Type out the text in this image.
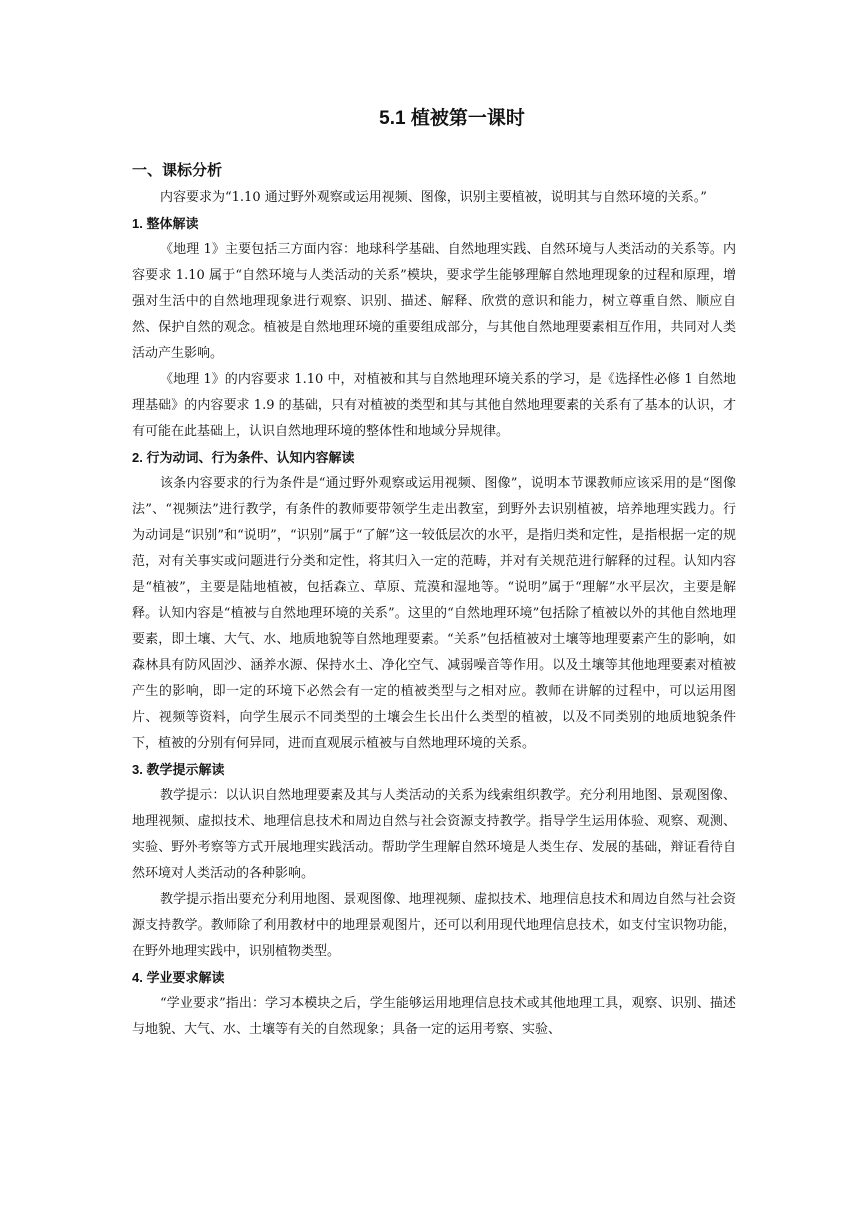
5.1 植被第一课时
一、课标分析

内容要求为“1.10 通过野外观察或运用视频、图像，识别主要植被，说明其与自然环境的关系。”

1. 整体解读

《地理 1》主要包括三方面内容：地球科学基础、自然地理实践、自然环境与人类活动的关系等。内容要求 1.10 属于“自然环境与人类活动的关系”模块，要求学生能够理解自然地理现象的过程和原理，增强对生活中的自然地理现象进行观察、识别、描述、解释、欣赏的意识和能力，树立尊重自然、顺应自然、保护自然的观念。植被是自然地理环境的重要组成部分，与其他自然地理要素相互作用，共同对人类活动产生影响。

《地理 1》的内容要求 1.10 中，对植被和其与自然地理环境关系的学习，是《选择性必修 1 自然地理基础》的内容要求 1.9 的基础，只有对植被的类型和其与其他自然地理要素的关系有了基本的认识，才有可能在此基础上，认识自然地理环境的整体性和地域分异规律。

2. 行为动词、行为条件、认知内容解读

该条内容要求的行为条件是“通过野外观察或运用视频、图像”，说明本节课教师应该采用的是“图像法”、“视频法”进行教学，有条件的教师要带领学生走出教室，到野外去识别植被，培养地理实践力。行为动词是“识别”和“说明”，“识别”属于“了解”这一较低层次的水平，是指归类和定性，是指根据一定的规范，对有关事实或问题进行分类和定性，将其归入一定的范畴，并对有关规范进行解释的过程。认知内容是“植被”，主要是陆地植被，包括森立、草原、荒漠和湿地等。“说明”属于“理解”水平层次，主要是解释。认知内容是“植被与自然地理环境的关系”。这里的“自然地理环境”包括除了植被以外的其他自然地理要素，即土壤、大气、水、地质地貌等自然地理要素。“关系”包括植被对土壤等地理要素产生的影响，如森林具有防风固沙、涵养水源、保持水土、净化空气、减弱噪音等作用。以及土壤等其他地理要素对植被产生的影响，即一定的环境下必然会有一定的植被类型与之相对应。教师在讲解的过程中，可以运用图片、视频等资料，向学生展示不同类型的土壤会生长出什么类型的植被，以及不同类别的地质地貌条件下，植被的分别有何异同，进而直观展示植被与自然地理环境的关系。

3. 教学提示解读

教学提示：以认识自然地理要素及其与人类活动的关系为线索组织教学。充分利用地图、景观图像、地理视频、虚拟技术、地理信息技术和周边自然与社会资源支持教学。指导学生运用体验、观察、观测、实验、野外考察等方式开展地理实践活动。帮助学生理解自然环境是人类生存、发展的基础，辩证看待自然环境对人类活动的各种影响。

教学提示指出要充分利用地图、景观图像、地理视频、虚拟技术、地理信息技术和周边自然与社会资源支持教学。教师除了利用教材中的地理景观图片，还可以利用现代地理信息技术，如支付宝识物功能，在野外地理实践中，识别植物类型。

4. 学业要求解读

“学业要求”指出：学习本模块之后，学生能够运用地理信息技术或其他地理工具，观察、识别、描述与地貌、大气、水、土壤等有关的自然现象；具备一定的运用考察、实验、
